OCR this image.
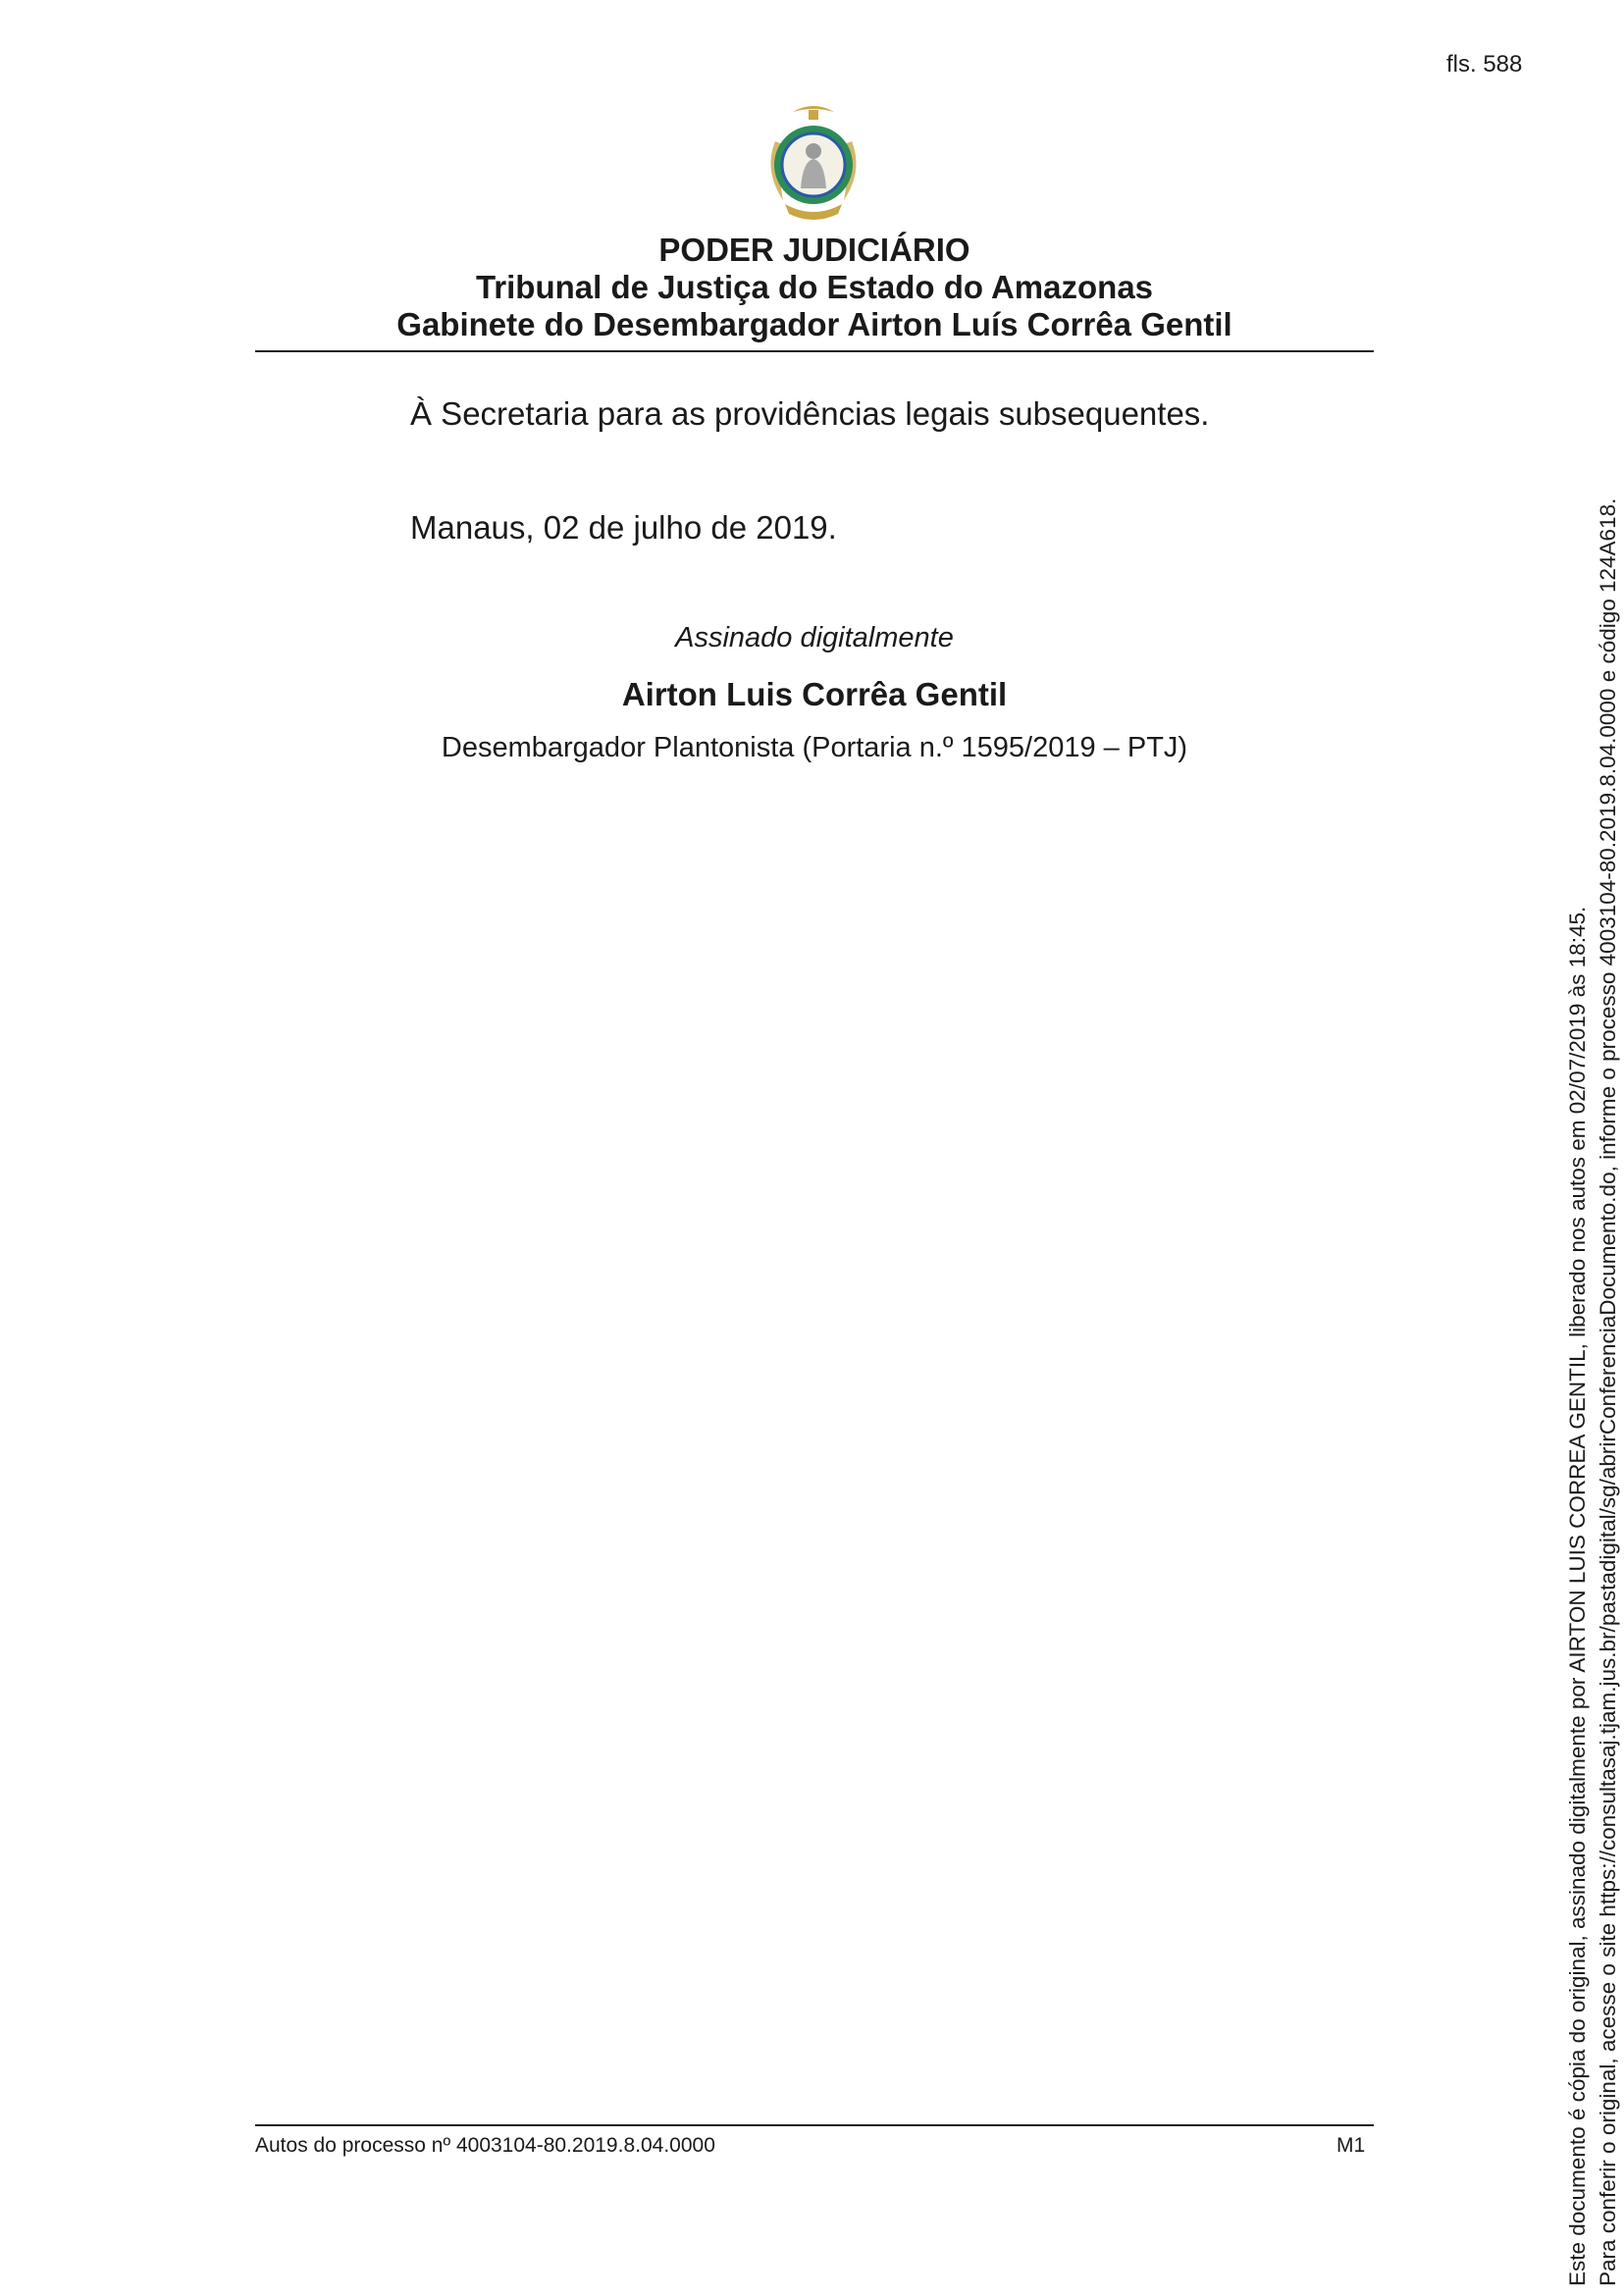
fls. 588
PODER JUDICIÁRIO
Tribunal de Justiça do Estado do Amazonas
Gabinete do Desembargador Airton Luís Corrêa Gentil
À Secretaria para as providências legais subsequentes.
Manaus, 02 de julho de 2019.
Assinado digitalmente
Airton Luis Corrêa Gentil
Desembargador Plantonista (Portaria n.º 1595/2019 – PTJ)
Autos do processo nº 4003104-80.2019.8.04.0000	M1	Este documento é cópia do original, assinado digitalmente por AIRTON LUIS CORREA GENTIL, liberado nos autos em 02/07/2019 às 18:45. Para conferir o original, acesse o site https://consultasaj.tjam.jus.br/pastadigital/sg/abrirConferenciaDocumento.do, informe o processo 4003104-80.2019.8.04.0000 e código 124A618.
